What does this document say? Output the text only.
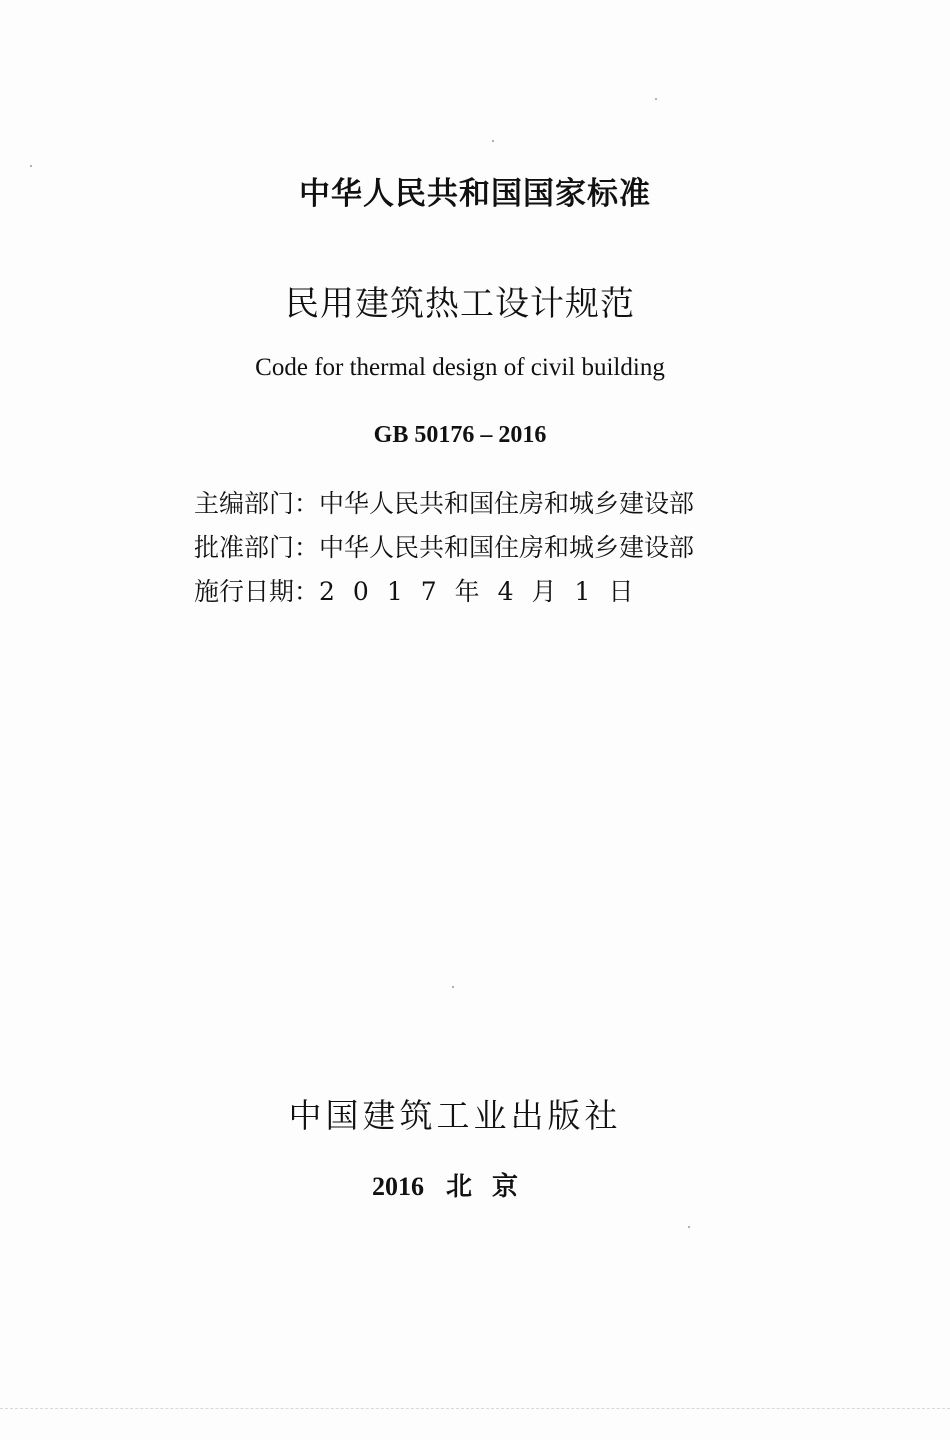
中华人民共和国国家标准
民用建筑热工设计规范
Code for thermal design of civil building
GB 50176 – 2016
主编部门：中华人民共和国住房和城乡建设部
批准部门：中华人民共和国住房和城乡建设部
施行日期：2017年4月1日
中国建筑工业出版社
2016 北京
